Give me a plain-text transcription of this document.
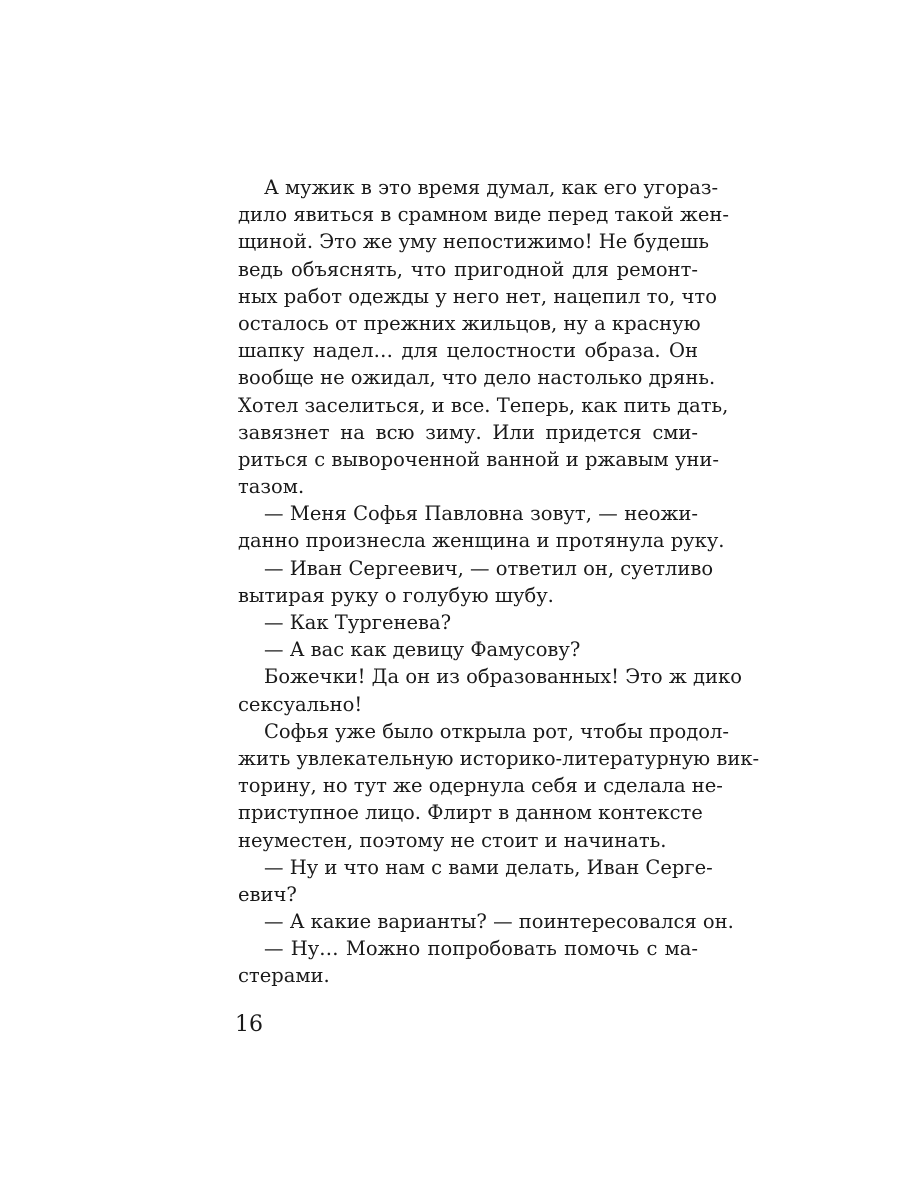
А мужик в это время думал, как его угораз-
дило явиться в срамном виде перед такой жен-
щиной. Это же уму непостижимо! Не будешь
ведь объяснять, что пригодной для ремонт-
ных работ одежды у него нет, нацепил то, что
осталось от прежних жильцов, ну а красную
шапку надел… для целостности образа. Он
вообще не ожидал, что дело настолько дрянь.
Хотел заселиться, и все. Теперь, как пить дать,
завязнет на всю зиму. Или придется сми-
риться с вывороченной ванной и ржавым уни-
тазом.
— Меня Софья Павловна зовут, — неожи-
данно произнесла женщина и протянула руку.
— Иван Сергеевич, — ответил он, суетливо
вытирая руку о голубую шубу.
— Как Тургенева?
— А вас как девицу Фамусову?
Божечки! Да он из образованных! Это ж дико
сексуально!
Софья уже было открыла рот, чтобы продол-
жить увлекательную историко-литературную вик-
торину, но тут же одернула себя и сделала не-
приступное лицо. Флирт в данном контексте
неуместен, поэтому не стоит и начинать.
— Ну и что нам с вами делать, Иван Серге-
евич?
— А какие варианты? — поинтересовался он.
— Ну… Можно попробовать помочь с ма-
стерами.
16
